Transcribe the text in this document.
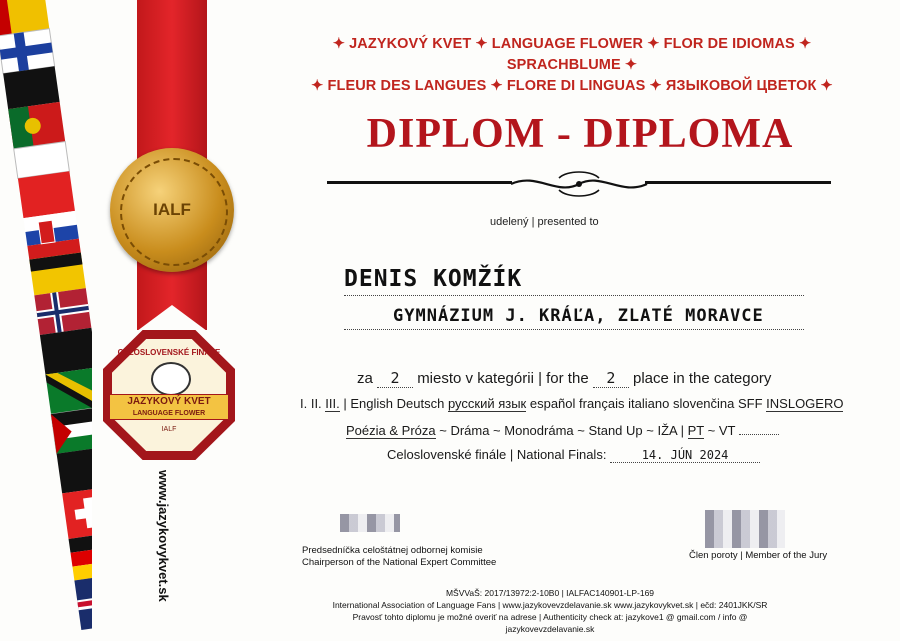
IALF
CELOSLOVENSKÉ FINÁLE
JAZYKOVÝ KVET
LANGUAGE FLOWER
IALF
www.jazykovykvet.sk
✦ JAZYKOVÝ KVET ✦ LANGUAGE FLOWER ✦ FLOR DE IDIOMAS ✦ SPRACHBLUME ✦
✦ FLEUR DES LANGUES ✦ FLORE DI LINGUAS ✦ ЯЗЫКОВОЙ ЦВЕТОК ✦
DIPLOM - DIPLOMA
udelený | presented to
DENIS KOMŽÍK
GYMNÁZIUM J. KRÁĽA, ZLATÉ MORAVCE
za 2 miesto v kategórii | for the 2 place in the category
I. II. III. | English Deutsch русский язык español français italiano slovenčina SFF INSLOGERO
Poézia & Próza ~ Dráma ~ Monodráma ~ Stand Up ~ IŽA | PT ~ VT
Celoslovenské finále | National Finals:	14. JÚN 2024
Predsedníčka celoštátnej odbornej komisie
Chairperson of the National Expert Committee
Člen poroty | Member of the Jury
MŠVVaŠ: 2017/13972:2-10B0 | IALFAC140901-LP-169
International Association of Language Fans | www.jazykovevzdelavanie.sk www.jazykovykvet.sk | ečd: 2401JKK/SR
Pravosť tohto diplomu je možné overiť na adrese | Authenticity check at: jazykove1 @ gmail.com / info @ jazykovevzdelavanie.sk
